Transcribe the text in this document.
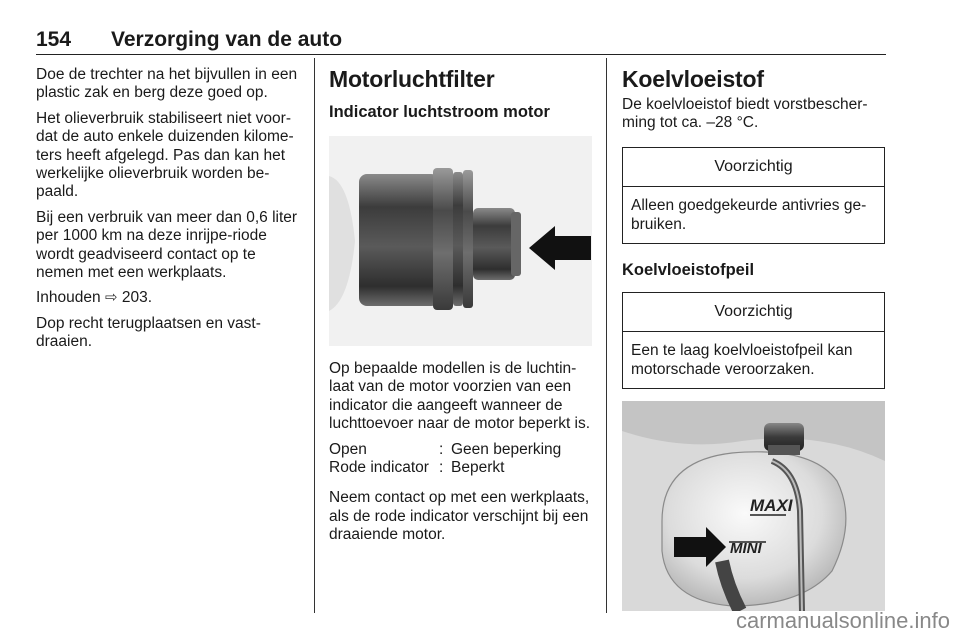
154 Verzorging van de auto

Doe de trechter na het bijvullen in een plastic zak en berg deze goed op.

Het olieverbruik stabiliseert niet voor-dat de auto enkele duizenden kilome-ters heeft afgelegd. Pas dan kan het werkelijke olieverbruik worden be-paald.

Bij een verbruik van meer dan 0,6 liter per 1000 km na deze inrijpe-riode wordt geadviseerd contact op te nemen met een werkplaats.

Inhouden ⇨ 203.

Dop recht terugplaatsen en vast-draaien.

Motorluchtfilter
Indicator luchtstroom motor

Op bepaalde modellen is de luchtin-laat van de motor voorzien van een indicator die aangeeft wanneer de luchttoevoer naar de motor beperkt is.

Open	: Geen beperking
Rode indicator : Beperkt

Neem contact op met een werkplaats, als de rode indicator verschijnt bij een draaiende motor.

Koelvloeistof

De koelvloeistof biedt vorstbescher-ming tot ca. –28 °C.

Voorzichtig
Alleen goedgekeurde antivries ge-bruiken.
Koelvloeistofpeil
Voorzichtig
Een te laag koelvloeistofpeil kan motorschade veroorzaken.
MAXI
MINI
carmanualsonline.info
